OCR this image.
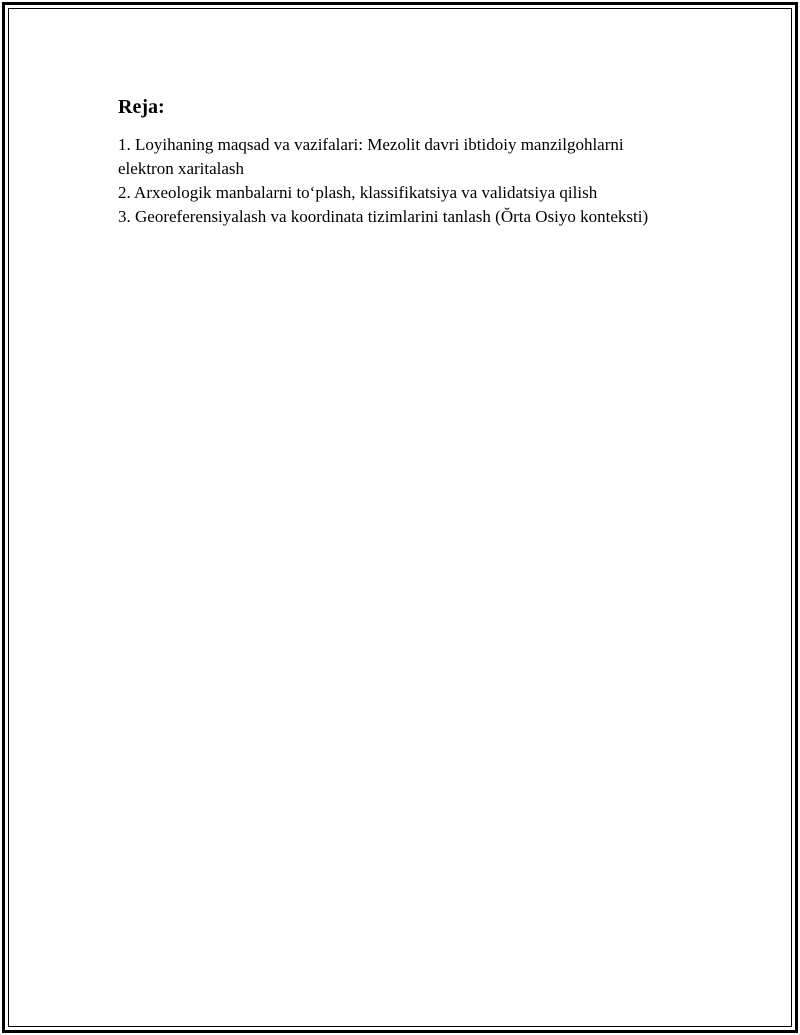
Reja:
1. Loyihaning maqsad va vazifalari: Mezolit davri ibtidoiy manzilgohlarni elektron xaritalash
2. Arxeologik manbalarni to‘plash, klassifikatsiya va validatsiya qilish
3. Georeferensiyalash va koordinata tizimlarini tanlash (Ŏrta Osiyo konteksti)
